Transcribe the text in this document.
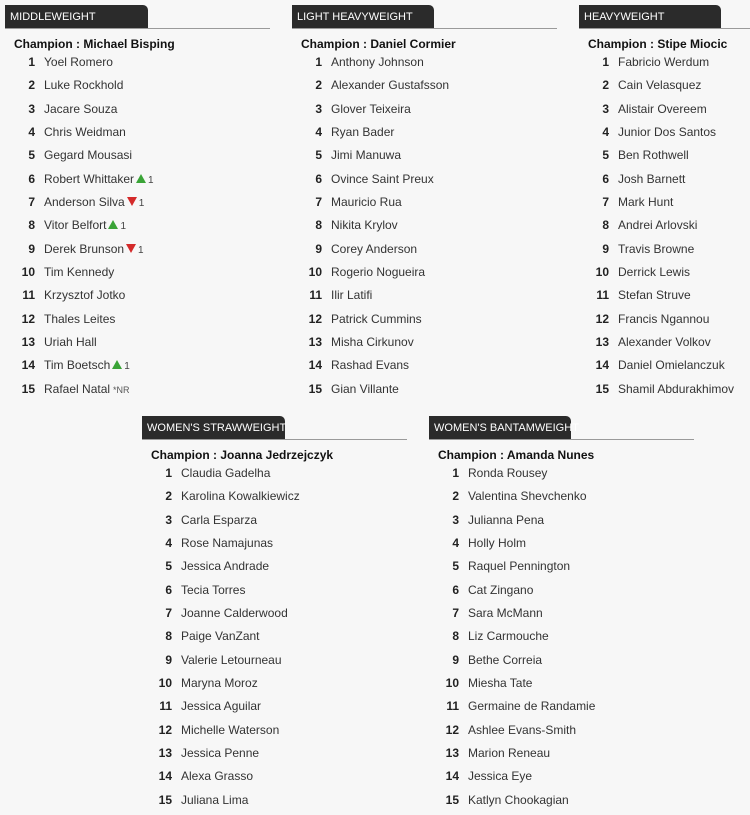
MIDDLEWEIGHT
Champion : Michael Bisping
1 Yoel Romero
2 Luke Rockhold
3 Jacare Souza
4 Chris Weidman
5 Gegard Mousasi
6 Robert Whittaker 1
7 Anderson Silva 1
8 Vitor Belfort 1
9 Derek Brunson 1
10 Tim Kennedy
11 Krzysztof Jotko
12 Thales Leites
13 Uriah Hall
14 Tim Boetsch 1
15 Rafael Natal *NR
LIGHT HEAVYWEIGHT
Champion : Daniel Cormier
1 Anthony Johnson
2 Alexander Gustafsson
3 Glover Teixeira
4 Ryan Bader
5 Jimi Manuwa
6 Ovince Saint Preux
7 Mauricio Rua
8 Nikita Krylov
9 Corey Anderson
10 Rogerio Nogueira
11 Ilir Latifi
12 Patrick Cummins
13 Misha Cirkunov
14 Rashad Evans
15 Gian Villante
HEAVYWEIGHT
Champion : Stipe Miocic
1 Fabricio Werdum
2 Cain Velasquez
3 Alistair Overeem
4 Junior Dos Santos
5 Ben Rothwell
6 Josh Barnett
7 Mark Hunt
8 Andrei Arlovski
9 Travis Browne
10 Derrick Lewis
11 Stefan Struve
12 Francis Ngannou
13 Alexander Volkov
14 Daniel Omielanczuk
15 Shamil Abdurakhimov
WOMEN'S STRAWWEIGHT
Champion : Joanna Jedrzejczyk
1 Claudia Gadelha
2 Karolina Kowalkiewicz
3 Carla Esparza
4 Rose Namajunas
5 Jessica Andrade
6 Tecia Torres
7 Joanne Calderwood
8 Paige VanZant
9 Valerie Letourneau
10 Maryna Moroz
11 Jessica Aguilar
12 Michelle Waterson
13 Jessica Penne
14 Alexa Grasso
15 Juliana Lima
WOMEN'S BANTAMWEIGHT
Champion : Amanda Nunes
1 Ronda Rousey
2 Valentina Shevchenko
3 Julianna Pena
4 Holly Holm
5 Raquel Pennington
6 Cat Zingano
7 Sara McMann
8 Liz Carmouche
9 Bethe Correia
10 Miesha Tate
11 Germaine de Randamie
12 Ashlee Evans-Smith
13 Marion Reneau
14 Jessica Eye
15 Katlyn Chookagian
